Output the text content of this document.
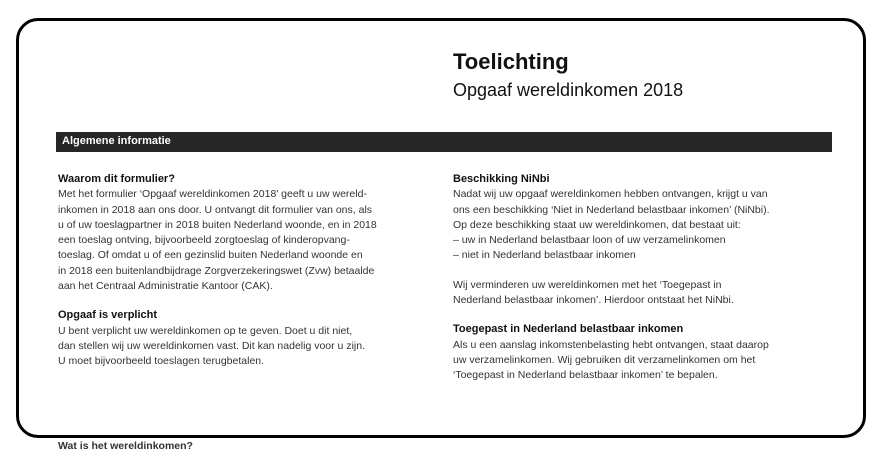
Toelichting
Opgaaf wereldinkomen 2018
Algemene informatie
Waarom dit formulier?

Met het formulier ‘Opgaaf wereldinkomen 2018’ geeft u uw wereld-
inkomen in 2018 aan ons door. U ontvangt dit formulier van ons, als
u of uw toeslagpartner in 2018 buiten Nederland woonde, en in 2018
een toeslag ontving, bijvoorbeeld zorgtoeslag of kinderopvang-
toeslag. Of omdat u of een gezinslid buiten Nederland woonde en
in 2018 een buitenlandbijdrage Zorgverzekeringswet (Zvw) betaalde
aan het Centraal Administratie Kantoor (CAK).

Opgaaf is verplicht

U bent verplicht uw wereldinkomen op te geven. Doet u dit niet,
dan stellen wij uw wereldinkomen vast. Dit kan nadelig voor u zijn.
U moet bijvoorbeeld toeslagen terugbetalen.

Beschikking NiNbi

Nadat wij uw opgaaf wereldinkomen hebben ontvangen, krijgt u van
ons een beschikking ‘Niet in Nederland belastbaar inkomen’ (NiNbi).
Op deze beschikking staat uw wereldinkomen, dat bestaat uit:

– uw in Nederland belastbaar loon of uw verzamelinkomen
– niet in Nederland belastbaar inkomen

Wij verminderen uw wereldinkomen met het ‘Toegepast in
Nederland belastbaar inkomen’. Hierdoor ontstaat het NiNbi.

Toegepast in Nederland belastbaar inkomen

Als u een aanslag inkomstenbelasting hebt ontvangen, staat daarop
uw verzamelinkomen. Wij gebruiken dit verzamelinkomen om het
‘Toegepast in Nederland belastbaar inkomen’ te bepalen.

Wat is het wereldinkomen?
